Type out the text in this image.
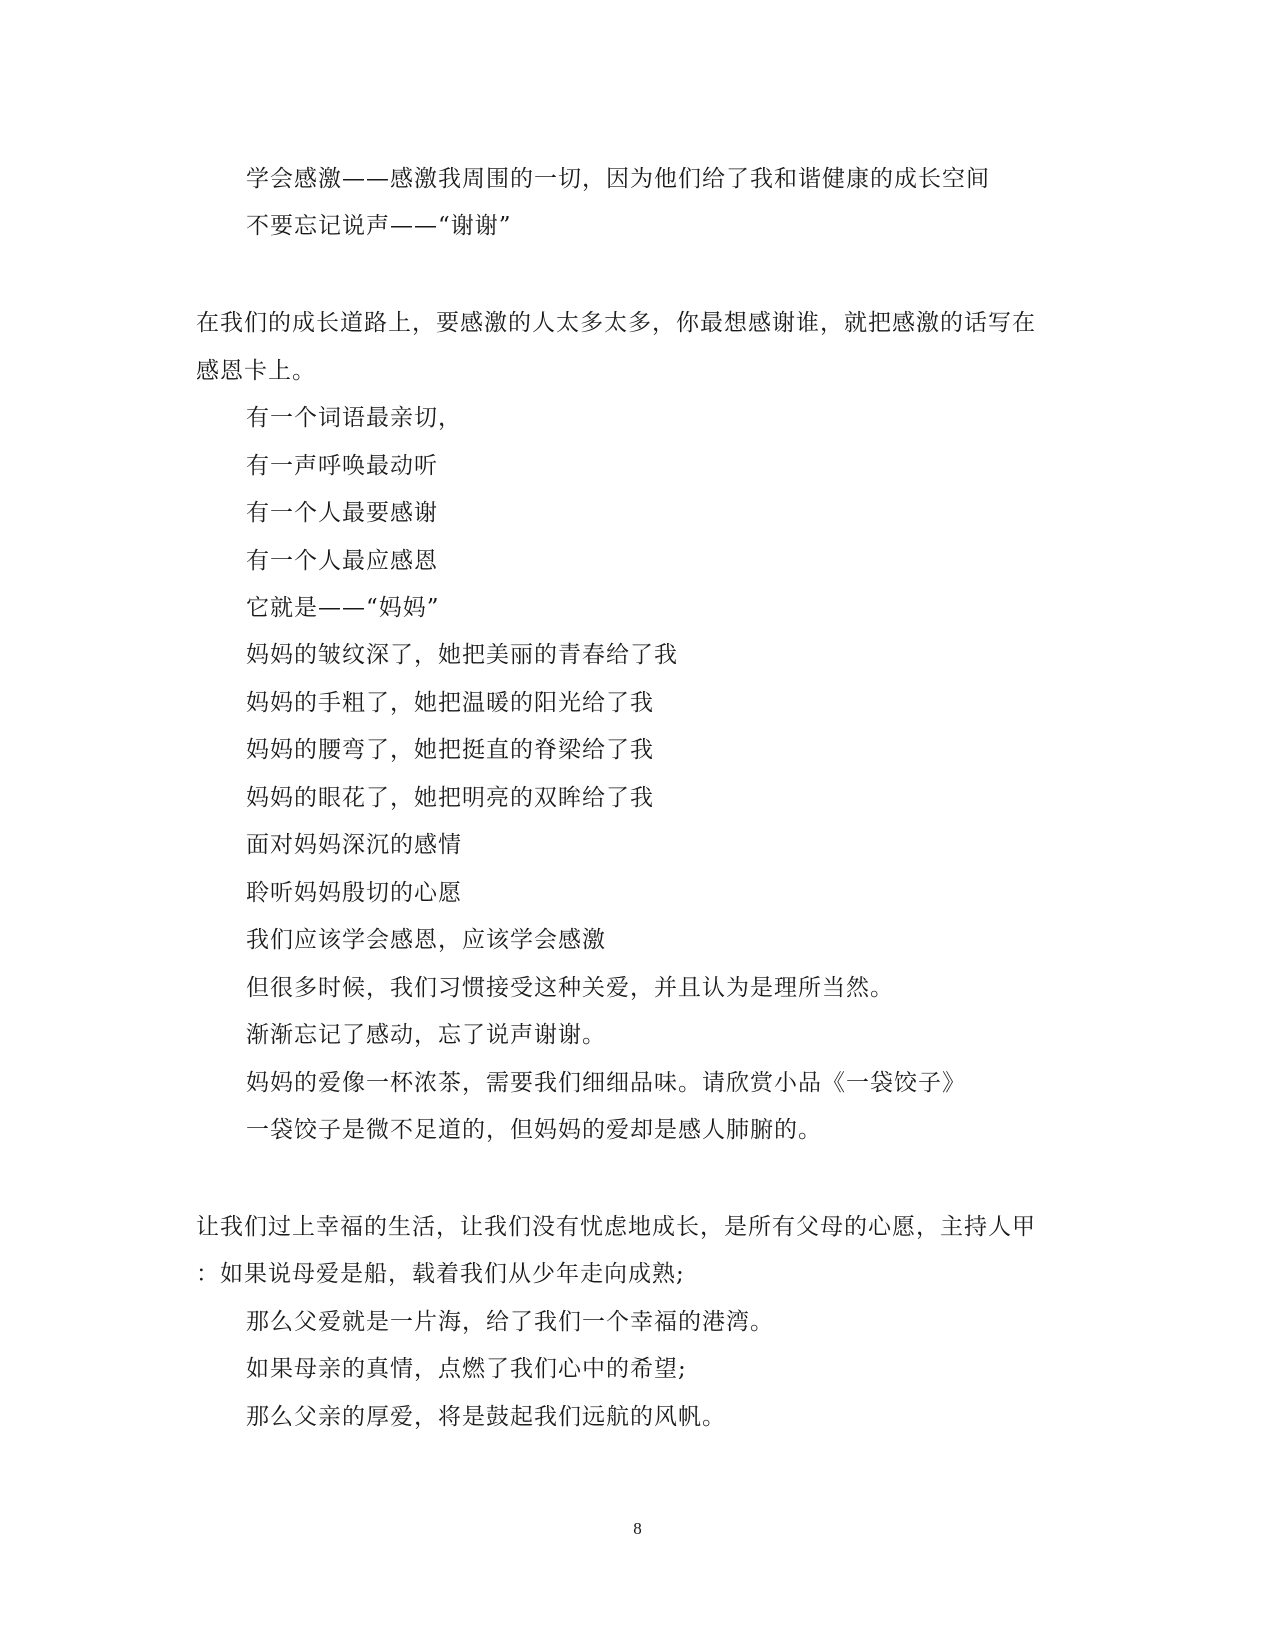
学会感激——感激我周围的一切，因为他们给了我和谐健康的成长空间
不要忘记说声——“谢谢”
在我们的成长道路上，要感激的人太多太多，你最想感谢谁，就把感激的话写在
感恩卡上。
有一个词语最亲切，
有一声呼唤最动听
有一个人最要感谢
有一个人最应感恩
它就是——“妈妈”
妈妈的皱纹深了，她把美丽的青春给了我
妈妈的手粗了，她把温暖的阳光给了我
妈妈的腰弯了，她把挺直的脊梁给了我
妈妈的眼花了，她把明亮的双眸给了我
面对妈妈深沉的感情
聆听妈妈殷切的心愿
我们应该学会感恩，应该学会感激
但很多时候，我们习惯接受这种关爱，并且认为是理所当然。
渐渐忘记了感动，忘了说声谢谢。
妈妈的爱像一杯浓茶，需要我们细细品味。请欣赏小品《一袋饺子》
一袋饺子是微不足道的，但妈妈的爱却是感人肺腑的。
让我们过上幸福的生活，让我们没有忧虑地成长，是所有父母的心愿，主持人甲
：如果说母爱是船，载着我们从少年走向成熟;
那么父爱就是一片海，给了我们一个幸福的港湾。
如果母亲的真情，点燃了我们心中的希望;
那么父亲的厚爱，将是鼓起我们远航的风帆。
8
